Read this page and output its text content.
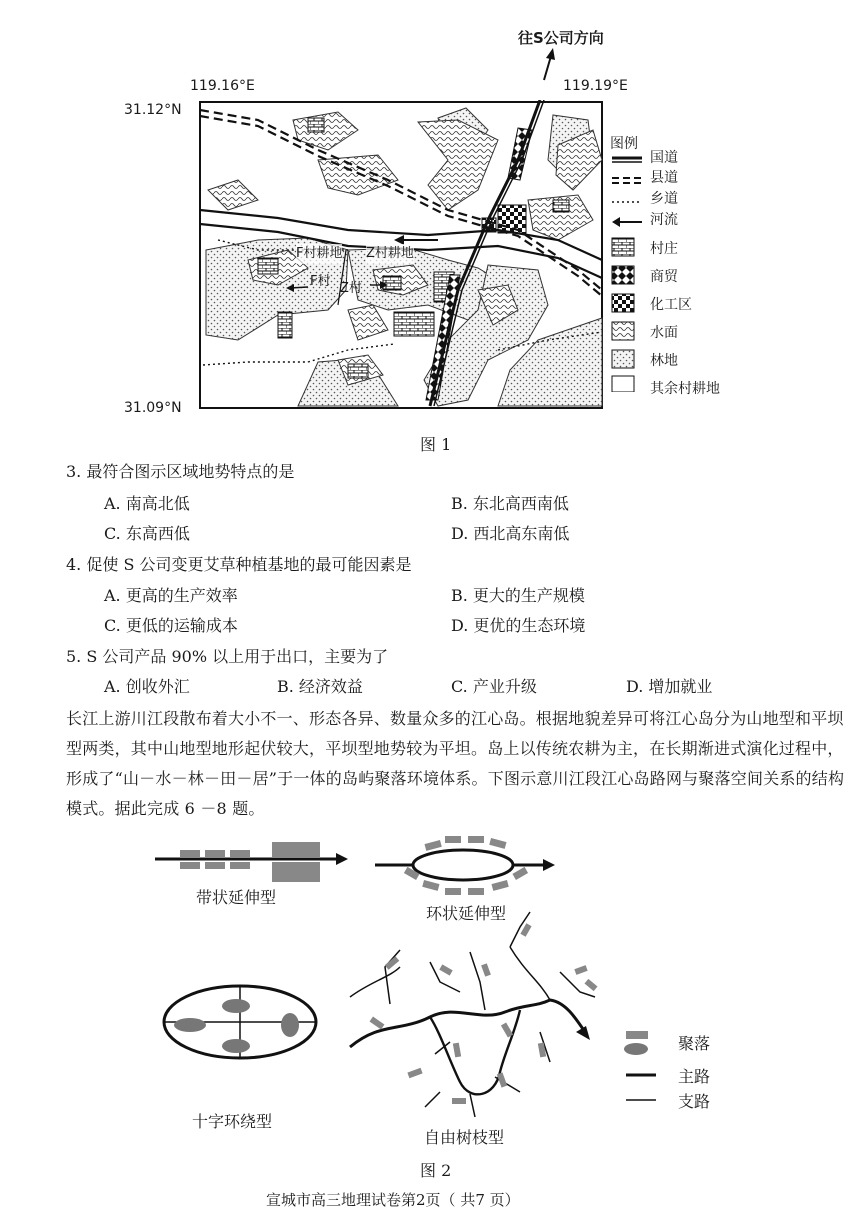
往S公司方向
119.16°E	119.19°E
31.12°N
31.09°N
F村耕地 Z村耕地
F村 Z村
图例
国道
县道
乡道
河流
村庄
商贸
化工区
水面
林地
其余村耕地
图 1
3. 最符合图示区域地势特点的是
A. 南高北低	B. 东北高西南低
C. 东高西低	D. 西北高东南低
4. 促使 S 公司变更艾草种植基地的最可能因素是
A. 更高的生产效率	B. 更大的生产规模
C. 更低的运输成本	D. 更优的生态环境
5. S 公司产品 90% 以上用于出口，主要为了
A. 创收外汇	B. 经济效益	C. 产业升级	D. 增加就业
长江上游川江段散布着大小不一、形态各异、数量众多的江心岛。根据地貌差异可将江心岛分为山地型和平坝型两类，其中山地型地形起伏较大，平坝型地势较为平坦。岛上以传统农耕为主，在长期渐进式演化过程中，形成了“山－水－林－田－居”于一体的岛屿聚落环境体系。下图示意川江段江心岛路网与聚落空间关系的结构模式。据此完成 6 －8 题。
带状延伸型
环状延伸型
十字环绕型
自由树枝型
聚落
主路
支路
图 2
宣城市高三地理试卷第2页（ 共7 页）
